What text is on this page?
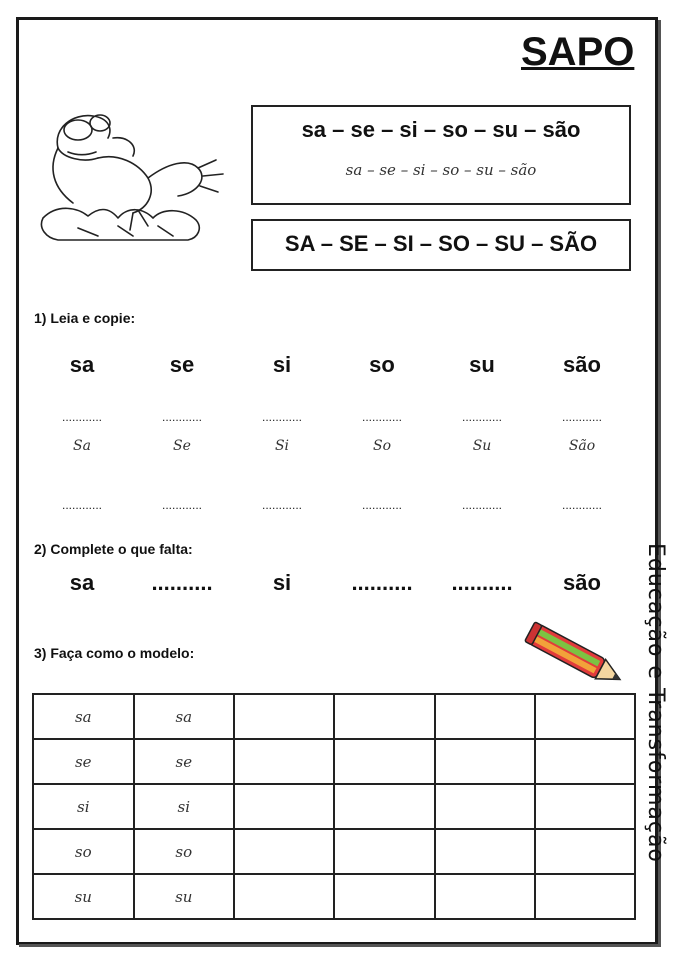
SAPO
sa – se – si – so – su – são
sa – se – si – so – su – são
SA – SE – SI – SO – SU – SÃO
1) Leia e copie:
sa	se	si	so	su	são
............	............	............	............	............	............
Sa	Se	Si	So	Su	São
............	............	............	............	............	............
2) Complete o que falta:
sa	..........	si	..........	..........	são
3) Faça como o modelo:
sa	sa				
se	se				
si	si				
so	so				
su	su				
Educação e Transformação
